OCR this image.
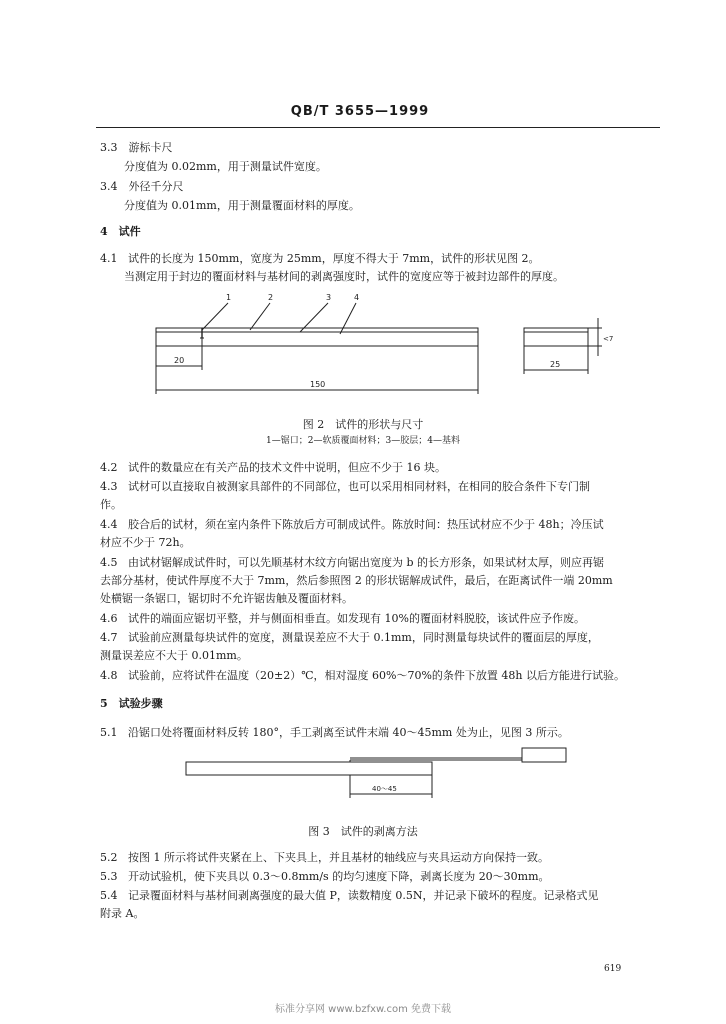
QB/T 3655—1999
3.3　 游标卡尺
分度值为 0.02mm，用于测量试件宽度。
3.4　 外径千分尺
分度值为 0.01mm，用于测量覆面材料的厚度。
4　 试件
4.1 试件的长度为 150mm，宽度为 25mm，厚度不得大于 7mm，试件的形状见图 2。
当测定用于封边的覆面材料与基材间的剥离强度时，试件的宽度应等于被封边部件的厚度。
1	2	3	4
20
150
25
<7
图 2　试件的形状与尺寸
1—锯口；2—软质覆面材料；3—胶层；4—基料
4.2 试件的数量应在有关产品的技术文件中说明，但应不少于 16 块。
4.3 试材可以直接取自被测家具部件的不同部位，也可以采用相同材料，在相同的胶合条件下专门制
作。
4.4 胶合后的试材，须在室内条件下陈放后方可制成试件。陈放时间：热压试材应不少于 48h；冷压试
材应不少于 72h。
4.5 由试材锯解成试件时，可以先顺基材木纹方向锯出宽度为 b 的长方形条，如果试材太厚，则应再锯
去部分基材，使试件厚度不大于 7mm，然后参照图 2 的形状锯解成试件，最后，在距离试件一端 20mm
处横锯一条锯口，锯切时不允许锯齿触及覆面材料。
4.6 试件的端面应锯切平整，并与侧面相垂直。如发现有 10%的覆面材料脱胶，该试件应予作废。
4.7 试验前应测量每块试件的宽度，测量误差应不大于 0.1mm，同时测量每块试件的覆面层的厚度，
测量误差应不大于 0.01mm。
4.8 试验前，应将试件在温度（20±2）℃，相对湿度 60%～70%的条件下放置 48h 以后方能进行试验。
5　 试验步骤
5.1 沿锯口处将覆面材料反转 180°，手工剥离至试件末端 40～45mm 处为止，见图 3 所示。
40～45
图 3　试件的剥离方法
5.2 按图 1 所示将试件夹紧在上、下夹具上，并且基材的轴线应与夹具运动方向保持一致。
5.3 开动试验机，使下夹具以 0.3～0.8mm/s 的均匀速度下降，剥离长度为 20～30mm。
5.4 记录覆面材料与基材间剥离强度的最大值 P，读数精度 0.5N，并记录下破坏的程度。记录格式见
附录 A。
619
标准分享网 www.bzfxw.com 免费下载
